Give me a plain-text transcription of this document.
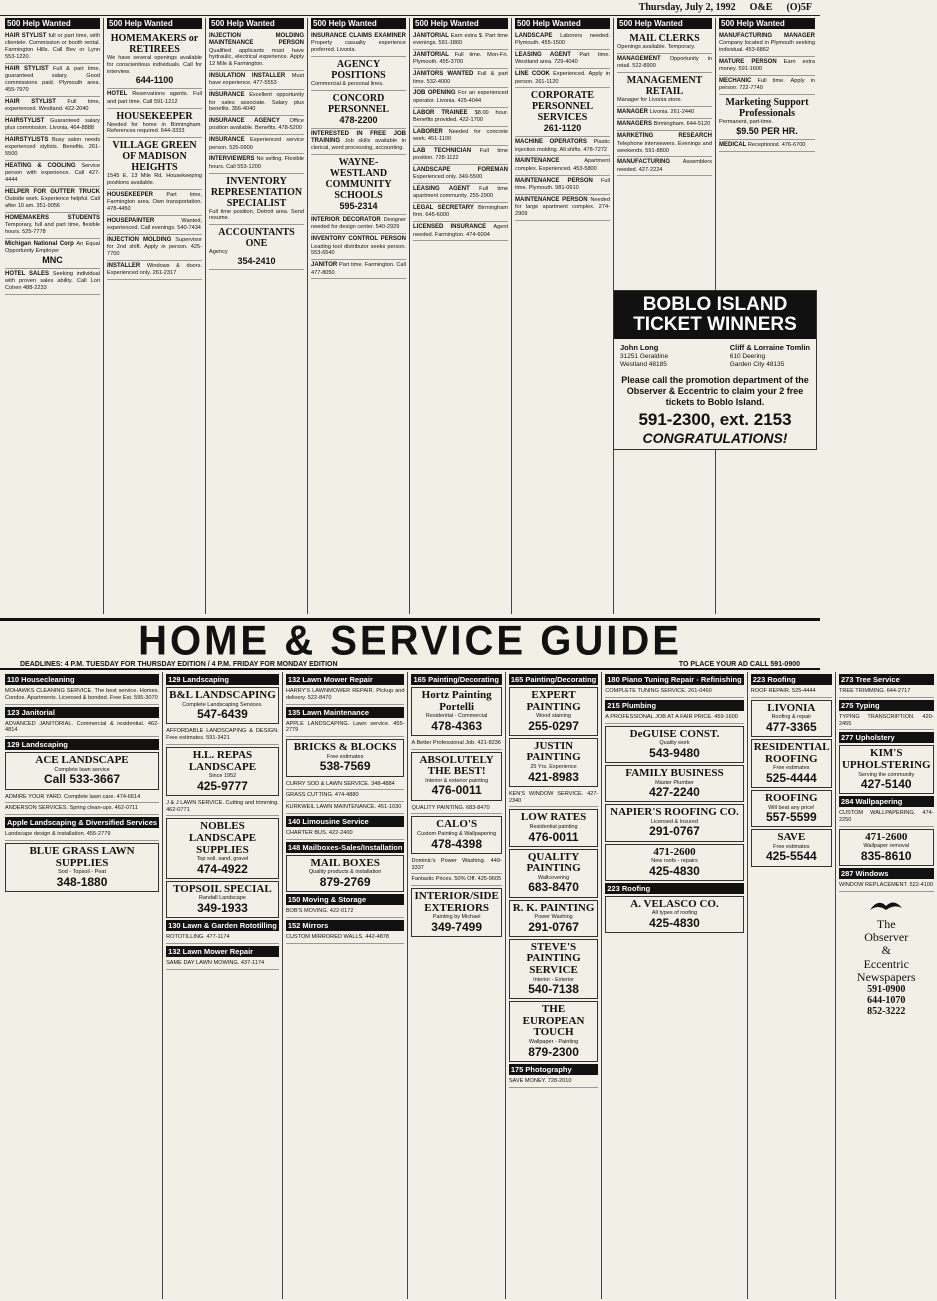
Thursday, July 2, 1992 O&E (O)5F
500 Help Wanted
HAIR STYLIST full or part time, with clientele. Commission or booth rental. Farmington Hills. Call Bev or Lynn 553-1220.
HAIR STYLIST Full & part time, guaranteed salary. Good commissions paid. Plymouth area. 455-7970
HAIR STYLIST Full time, experienced. Westland. 422-2040
HAIRSTYLIST Guaranteed salary plus commission. Livonia. 464-8888
HAIRSTYLISTS Busy salon needs experienced stylists. Benefits. 261-5500
HEATING & COOLING Service person with experience. Call 427-4444
HELPER FOR GUTTER TRUCK Outside work. Experience helpful. Call after 10 am. 351-9056
HOMEMAKERS STUDENTS Temporary, full and part time, flexible hours. 525-7778
Michigan National Corp An Equal Opportunity Employer
MNC
HOTEL SALES Seeking individual with proven sales ability. Call Lori Cohen 488-2233
500 Help Wanted
HOMEMAKERS or RETIREES
We have several openings available for conscientious individuals. Call for interview.
644-1100
HOTEL Reservations agents. Full and part time. Call 591-1212
HOUSEKEEPER
Needed for home in Birmingham. References required. 644-3333
VILLAGE GREEN OF MADISON HEIGHTS
1545 E. 13 Mile Rd. Housekeeping positions available.
HOUSEKEEPER Part time, Farmington area. Own transportation. 478-4450
HOUSEPAINTER Wanted, experienced. Call evenings. 540-7434
INJECTION MOLDING Supervisor for 2nd shift. Apply in person. 425-7700
INSTALLER Windows & doors. Experienced only. 261-2317
500 Help Wanted
INJECTION MOLDING MAINTENANCE PERSON Qualified applicants must have hydraulic, electrical experience. Apply 12 Mile & Farmington.
INSULATION INSTALLER Must have experience. 477-5553
INSURANCE Excellent opportunity for sales associate. Salary plus benefits. 356-4040
INSURANCE AGENCY Office position available. Benefits. 478-5200
INSURANCE Experienced service person. 525-0900
INTERVIEWERS No selling. Flexible hours. Call 553-1200
INVENTORY REPRESENTATION SPECIALIST
Full time position, Detroit area. Send resume.
ACCOUNTANTS ONE
Agency
354-2410
500 Help Wanted
INSURANCE CLAIMS EXAMINER Property casualty experience preferred. Livonia.
AGENCY POSITIONS
Commercial & personal lines.
CONCORD PERSONNEL
478-2200
INTERESTED IN FREE JOB TRAINING Job skills available in clerical, word processing, accounting.
WAYNE-WESTLAND COMMUNITY SCHOOLS
595-2314
INTERIOR DECORATOR Designer needed for design center. 540-2929
INVENTORY CONTROL PERSON Leading tool distributor seeks person. 553-6540
JANITOR Part time. Farmington. Call 477-8050
500 Help Wanted
JANITORIAL Earn extra $. Part time evenings. 591-1860
JANITORIAL Full time. Mon-Fri. Plymouth. 455-3700
JANITORS WANTED Full & part time. 532-4000
JOB OPENING For an experienced operator. Livonia. 425-4044
LABOR TRAINEE $8.00 hour. Benefits provided. 422-1700
LABORER Needed for concrete work. 451-1100
LAB TECHNICIAN Full time position. 728-1122
LANDSCAPE FOREMAN Experienced only. 349-5500
LEASING AGENT Full time apartment community. 255-2900
LEGAL SECRETARY Birmingham firm. 645-6000
LICENSED INSURANCE Agent needed. Farmington. 474-6004
500 Help Wanted
LANDSCAPE Laborers needed. Plymouth. 455-1500
LEASING AGENT Part time. Westland area. 729-4040
LINE COOK Experienced. Apply in person. 261-1120
CORPORATE PERSONNEL SERVICES
261-1120
MACHINE OPERATORS Plastic injection molding. All shifts. 478-7272
MAINTENANCE Apartment complex. Experienced. 453-5800
MAINTENANCE PERSON Full time. Plymouth. 981-0610
MAINTENANCE PERSON Needed for large apartment complex. 274-2909
500 Help Wanted
MAIL CLERKS
Openings available. Temporary.
MANAGEMENT Opportunity in retail. 522-8900
MANAGEMENT RETAIL
Manager for Livonia store.
MANAGER Livonia. 261-2440
MANAGERS Birmingham. 644-5120
MARKETING RESEARCH Telephone interviewers. Evenings and weekends. 591-8800
MANUFACTURING Assemblers needed. 427-2224
500 Help Wanted
MANUFACTURING MANAGER Company located in Plymouth seeking individual. 453-6862
MATURE PERSON Earn extra money. 591-1600
MECHANIC Full time. Apply in person. 722-7740
Marketing Support Professionals
Permanent, part-time.
$9.50 PER HR.
MEDICAL Receptionist. 476-6700
BOBLO ISLAND TICKET WINNERS
John Long
31251 Geraldine
Westland 48185
Cliff & Lorraine Tomlin
610 Deering
Garden City 48135
Please call the promotion department of the Observer & Eccentric to claim your 2 free tickets to Boblo Island.
591-2300, ext. 2153
CONGRATULATIONS!
HOME & SERVICE GUIDE
DEADLINES: 4 P.M. TUESDAY FOR THURSDAY EDITION / 4 P.M. FRIDAY FOR MONDAY EDITION	TO PLACE YOUR AD CALL 591-0900
110 Housecleaning
MOHAWKS CLEANING SERVICE. The best service. Homes. Condos. Apartments. Licensed & bonded. Free Est. 595-3070
123 Janitorial
ADVANCED JANITORIAL. Commercial & residential. 462-4814
129 Landscaping
ACE LANDSCAPE
Complete lawn service
Call 533-3667
ADMIRE YOUR YARD. Complete lawn care. 474-6614
ANDERSON SERVICES. Spring clean-ups. 462-0711
Apple Landscaping & Diversified Services
Landscape design & installation. 455-2779
BLUE GRASS LAWN SUPPLIES
Sod - Topsoil - Peat
348-1880
129 Landscaping
B&L LANDSCAPING
Complete Landscaping Services.
547-6439
AFFORDABLE LANDSCAPING & DESIGN. Free estimates. 591-3421
H.L. REPAS LANDSCAPE
Since 1952
425-9777
J & J LAWN SERVICE. Cutting and trimming. 462-0771
NOBLES LANDSCAPE SUPPLIES
Top soil, sand, gravel
474-4922
TOPSOIL SPECIAL
Randall Landscape
349-1933
130 Lawn & Garden Rototilling
ROTOTILLING. 477-1174
132 Lawn Mower Repair
SAME DAY LAWN MOWING. 437-1174
132 Lawn Mower Repair
HARRY'S LAWNMOWER REPAIR. Pickup and delivery. 522-8470
135 Lawn Maintenance
APPLE LANDSCAPING. Lawn service. 455-2779
BRICKS & BLOCKS
Free estimates
538-7569
CURRY SOD & LAWN SERVICE. 348-4884
GRASS CUTTING. 474-4880
KURKWEIL LAWN MAINTENANCE. 451-1030
140 Limousine Service
CHARTER BUS. 422-2400
148 Mailboxes-Sales/Installation
MAIL BOXES
Quality products & installation
879-2769
150 Moving & Storage
BOB'S MOVING. 422-0172
152 Mirrors
CUSTOM MIRRORED WALLS. 442-4878
165 Painting/Decorating
Hortz Painting Portelli
Residential - Commercial
478-4363
A Better Professional Job. 421-8236
ABSOLUTELY THE BEST!
Interior & exterior painting
476-0011
QUALITY PAINTING. 683-8470
CALO'S
Custom Painting & Wallpapering
478-4398
Dominic's Power Washing. 449-3337
Fantastic Prices. 50% Off. 425-9605
INTERIOR/SIDE EXTERIORS
Painting by Michael
349-7499
165 Painting/Decorating
EXPERT PAINTING
Wood staining
255-0297
JUSTIN PAINTING
25 Yrs. Experience
421-8983
KEN'S WINDOW SERVICE. 427-2340
LOW RATES
Residential painting
476-0011
QUALITY PAINTING
Wallcovering
683-8470
R. K. PAINTING
Power Washing
291-0767
STEVE'S PAINTING SERVICE
Interior - Exterior
540-7138
THE EUROPEAN TOUCH
Wallpaper - Painting
879-2300
175 Photography
SAVE MONEY. 728-2010
180 Piano Tuning Repair - Refinishing
COMPLETE TUNING SERVICE. 261-0460
215 Plumbing
A PROFESSIONAL JOB AT A FAIR PRICE. 459-1600
DeGUISE CONST.
Quality work
543-9480
FAMILY BUSINESS
Master Plumber
427-2240
NAPIER'S ROOFING CO.
Licensed & Insured
291-0767
471-2600
New roofs - repairs
425-4830
223 Roofing
A. VELASCO CO.
All types of roofing
425-4830
223 Roofing
ROOF REPAIR. 525-4444
LIVONIA
Roofing & repair
477-3365
RESIDENTIAL ROOFING
Free estimates
525-4444
ROOFING
Will beat any price!
557-5599
SAVE
Free estimates
425-5544
273 Tree Service
TREE TRIMMING. 644-2717
275 Typing
TYPING TRANSCRIPTION. 420-2455
277 Upholstery
KIM'S UPHOLSTERING
Serving the community
427-5140
284 Wallpapering
CUSTOM WALLPAPERING. 474-2250
471-2600
Wallpaper removal
835-8610
287 Windows
WINDOW REPLACEMENT. 522-4100
The
Observer
&
Eccentric
Newspapers
591-0900
644-1070
852-3222
